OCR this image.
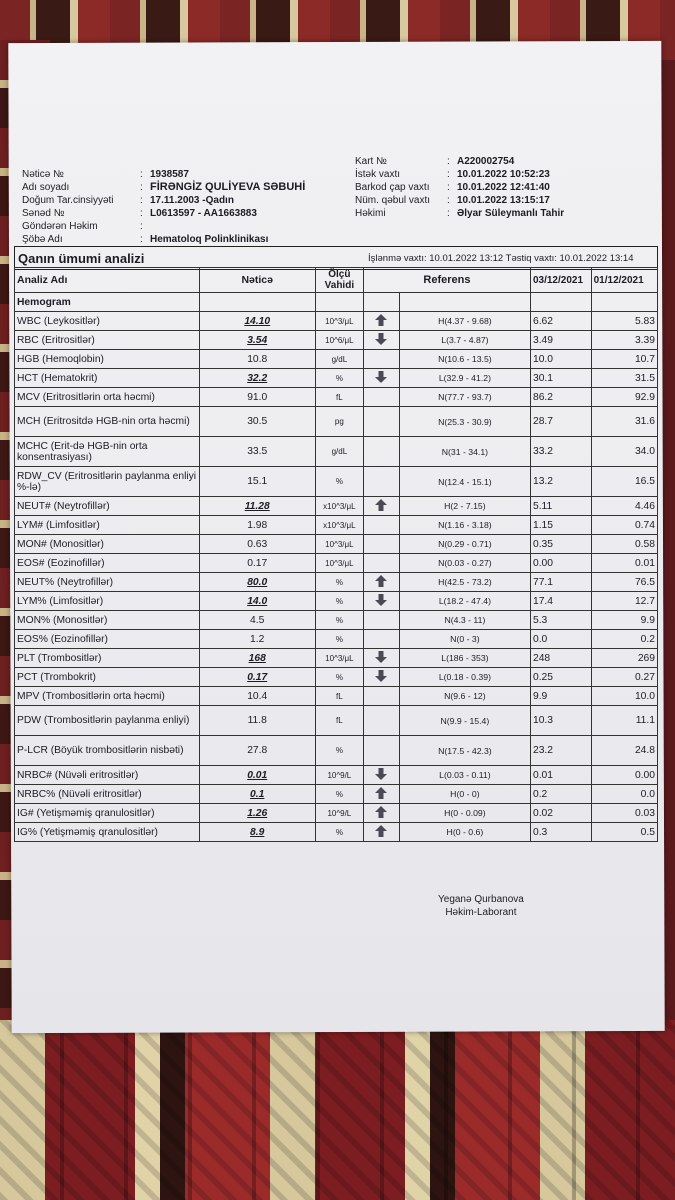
Nəticə №	: 1938587
Adı soyadı	: FİRƏNGİZ QULİYEVA SƏBUHİ
Doğum Tar.cinsiyyəti	: 17.11.2003 -Qadın
Sənəd №	: L0613597 - AA1663883
Göndərən Həkim	:
Şöbə Adı	: Hematoloq Polinklinikası
Kart №	: A220002754
İstək vaxtı	: 10.01.2022 10:52:23
Barkod çap vaxtı	: 10.01.2022 12:41:40
Nüm. qəbul vaxtı	: 10.01.2022 13:15:17
Həkimi	: Əlyar Süleymanlı Tahir
Qanın ümumi analizi	İşlənmə vaxtı: 10.01.2022 13:12 Təstiq vaxtı: 10.01.2022 13:14
Analiz Adı	Nəticə	Ölçü Vahidi	Referens		03/12/2021	01/12/2021
Hemogram						

WBC (Leykositlər)	14.10	10^3/μL		H(4.37 - 9.68)	6.62	5.83

RBC (Eritrositlər)	3.54	10^6/μL		L(3.7 - 4.87)	3.49	3.39

HGB (Hemoqlobin)	10.8	g/dL		N(10.6 - 13.5)	10.0	10.7

HCT (Hematokrit)	32.2	%		L(32.9 - 41.2)	30.1	31.5

MCV (Eritrositlərin orta həcmi)	91.0	fL		N(77.7 - 93.7)	86.2	92.9

MCH (Eritrositdə HGB-nin orta həcmi)	30.5	pg		N(25.3 - 30.9)	28.7	31.6

MCHC (Erit-də HGB-nin orta konsentrasiyası)	33.5	g/dL		N(31 - 34.1)	33.2	34.0

RDW_CV (Eritrositlərin paylanma enliyi %-lə)	15.1	%		N(12.4 - 15.1)	13.2	16.5

NEUT# (Neytrofillər)	11.28	x10^3/μL		H(2 - 7.15)	5.11	4.46

LYM# (Limfositlər)	1.98	x10^3/μL		N(1.16 - 3.18)	1.15	0.74

MON# (Monositlər)	0.63	10^3/μL		N(0.29 - 0.71)	0.35	0.58

EOS# (Eozinofillər)	0.17	10^3/μL		N(0.03 - 0.27)	0.00	0.01

NEUT% (Neytrofillər)	80.0	%		H(42.5 - 73.2)	77.1	76.5

LYM% (Limfositlər)	14.0	%		L(18.2 - 47.4)	17.4	12.7

MON% (Monositlər)	4.5	%		N(4.3 - 11)	5.3	9.9

EOS% (Eozinofillər)	1.2	%		N(0 - 3)	0.0	0.2

PLT (Trombositlər)	168	10^3/μL		L(186 - 353)	248	269

PCT (Trombokrit)	0.17	%		L(0.18 - 0.39)	0.25	0.27

MPV (Trombositlərin orta həcmi)	10.4	fL		N(9.6 - 12)	9.9	10.0

PDW (Trombositlərin paylanma enliyi)	11.8	fL		N(9.9 - 15.4)	10.3	11.1

P-LCR (Böyük trombositlərin nisbəti)	27.8	%		N(17.5 - 42.3)	23.2	24.8

NRBC# (Nüvəli eritrositlər)	0.01	10^9/L		L(0.03 - 0.11)	0.01	0.00

NRBC% (Nüvəli eritrositlər)	0.1	%		H(0 - 0)	0.2	0.0

IG# (Yetişməmiş qranulositlər)	1.26	10^9/L		H(0 - 0.09)	0.02	0.03

IG% (Yetişməmiş qranulositlər)	8.9	%		H(0 - 0.6)	0.3	0.5
Yeganə Qurbanova
Həkim-Laborant
